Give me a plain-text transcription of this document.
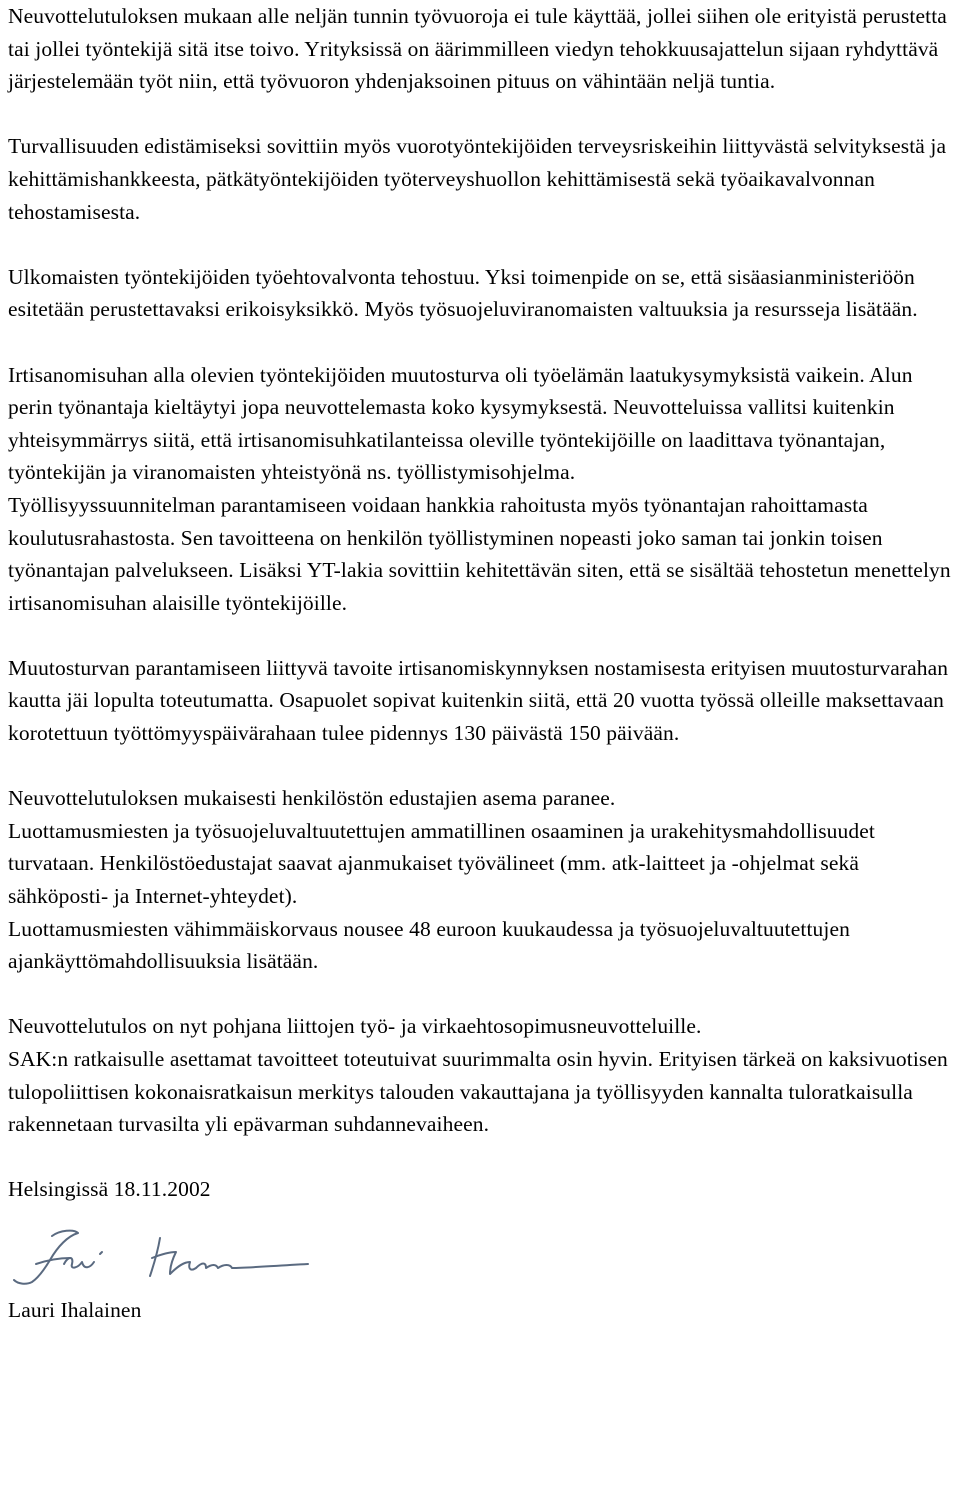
Neuvottelutuloksen mukaan alle neljän tunnin työvuoroja ei tule käyttää, jollei siihen ole erityistä perustetta tai jollei työntekijä sitä itse toivo. Yrityksissä on äärimmilleen viedyn tehokkuusajattelun sijaan ryhdyttävä järjestelemään työt niin, että työvuoron yhdenjaksoinen pituus on vähintään neljä tuntia.

Turvallisuuden edistämiseksi sovittiin myös vuorotyöntekijöiden terveysriskeihin liittyvästä selvityksestä ja kehittämishankkeesta, pätkätyöntekijöiden työterveyshuollon kehittämisestä sekä työaikavalvonnan tehostamisesta.

Ulkomaisten työntekijöiden työehtovalvonta tehostuu. Yksi toimenpide on se, että sisäasianministeriöön esitetään perustettavaksi erikoisyksikkö. Myös työsuojeluviranomaisten valtuuksia ja resursseja lisätään.

Irtisanomisuhan alla olevien työntekijöiden muutosturva oli työelämän laatukysymyksistä vaikein. Alun perin työnantaja kieltäytyi jopa neuvottelemasta koko kysymyksestä. Neuvotteluissa vallitsi kuitenkin yhteisymmärrys siitä, että irtisanomisuhkatilanteissa oleville työntekijöille on laadittava työnantajan, työntekijän ja viranomaisten yhteistyönä ns. työllistymisohjelma.

Työllisyyssuunnitelman parantamiseen voidaan hankkia rahoitusta myös työnantajan rahoittamasta koulutusrahastosta. Sen tavoitteena on henkilön työllistyminen nopeasti joko saman tai jonkin toisen työnantajan palvelukseen. Lisäksi YT-lakia sovittiin kehitettävän siten, että se sisältää tehostetun menettelyn irtisanomisuhan alaisille työntekijöille.

Muutosturvan parantamiseen liittyvä tavoite irtisanomiskynnyksen nostamisesta erityisen muutosturvarahan kautta jäi lopulta toteutumatta. Osapuolet sopivat kuitenkin siitä, että 20 vuotta työssä olleille maksettavaan korotettuun työttömyyspäivärahaan tulee pidennys 130 päivästä 150 päivään.

Neuvottelutuloksen mukaisesti henkilöstön edustajien asema paranee.

Luottamusmiesten ja työsuojeluvaltuutettujen ammatillinen osaaminen ja urakehitysmahdollisuudet turvataan. Henkilöstöedustajat saavat ajanmukaiset työvälineet (mm. atk-laitteet ja -ohjelmat sekä sähköposti- ja Internet-yhteydet).

Luottamusmiesten vähimmäiskorvaus nousee 48 euroon kuukaudessa ja työsuojeluvaltuutettujen ajankäyttömahdollisuuksia lisätään.

Neuvottelutulos on nyt pohjana liittojen työ- ja virkaehtosopimusneuvotteluille.

SAK:n ratkaisulle asettamat tavoitteet toteutuivat suurimmalta osin hyvin. Erityisen tärkeä on kaksivuotisen tulopoliittisen kokonaisratkaisun merkitys talouden vakauttajana ja työllisyyden kannalta tuloratkaisulla rakennetaan turvasilta yli epävarman suhdannevaiheen.

Helsingissä 18.11.2002

Lauri Ihalainen
